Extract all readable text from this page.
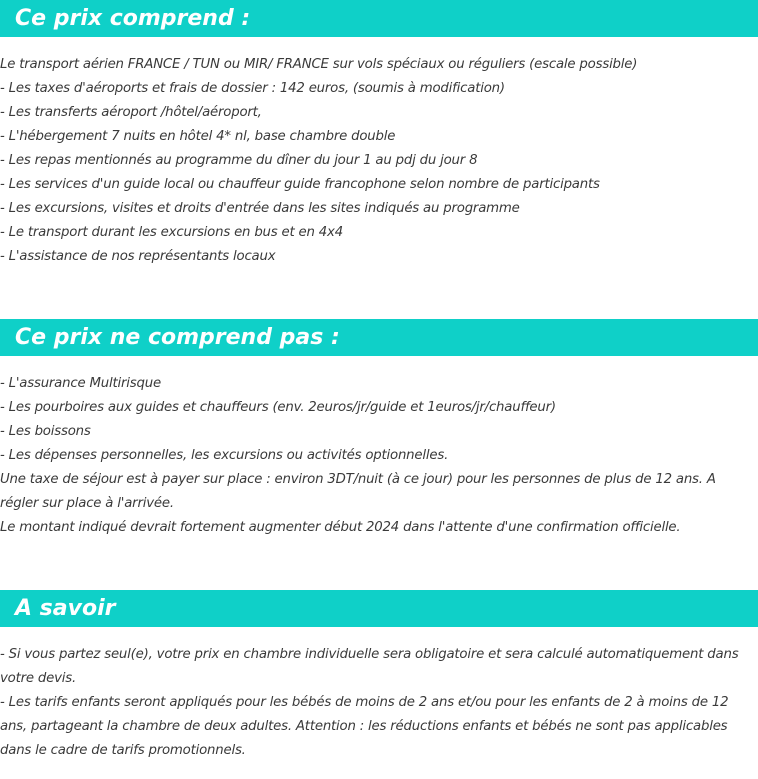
Ce prix comprend :
Le transport aérien FRANCE / TUN ou MIR/ FRANCE sur vols spéciaux ou réguliers (escale possible)
- Les taxes d'aéroports et frais de dossier : 142 euros, (soumis à modification)
- Les transferts aéroport /hôtel/aéroport,
- L'hébergement 7 nuits en hôtel 4* nl, base chambre double
- Les repas mentionnés au programme du dîner du jour 1 au pdj du jour 8
- Les services d'un guide local ou chauffeur guide francophone selon nombre de participants
- Les excursions, visites et droits d'entrée dans les sites indiqués au programme
- Le transport durant les excursions en bus et en 4x4
- L'assistance de nos représentants locaux
Ce prix ne comprend pas :
- L'assurance Multirisque
- Les pourboires aux guides et chauffeurs (env. 2euros/jr/guide et 1euros/jr/chauffeur)
- Les boissons
- Les dépenses personnelles, les excursions ou activités optionnelles.
Une taxe de séjour est à payer sur place : environ 3DT/nuit (à ce jour) pour les personnes de plus de 12 ans. A régler sur place à l'arrivée.
Le montant indiqué devrait fortement augmenter début 2024 dans l'attente d'une confirmation officielle.
A savoir
- Si vous partez seul(e), votre prix en chambre individuelle sera obligatoire et sera calculé automatiquement dans votre devis.
- Les tarifs enfants seront appliqués pour les bébés de moins de 2 ans et/ou pour les enfants de 2 à moins de 12 ans, partageant la chambre de deux adultes. Attention : les réductions enfants et bébés ne sont pas applicables dans le cadre de tarifs promotionnels.
